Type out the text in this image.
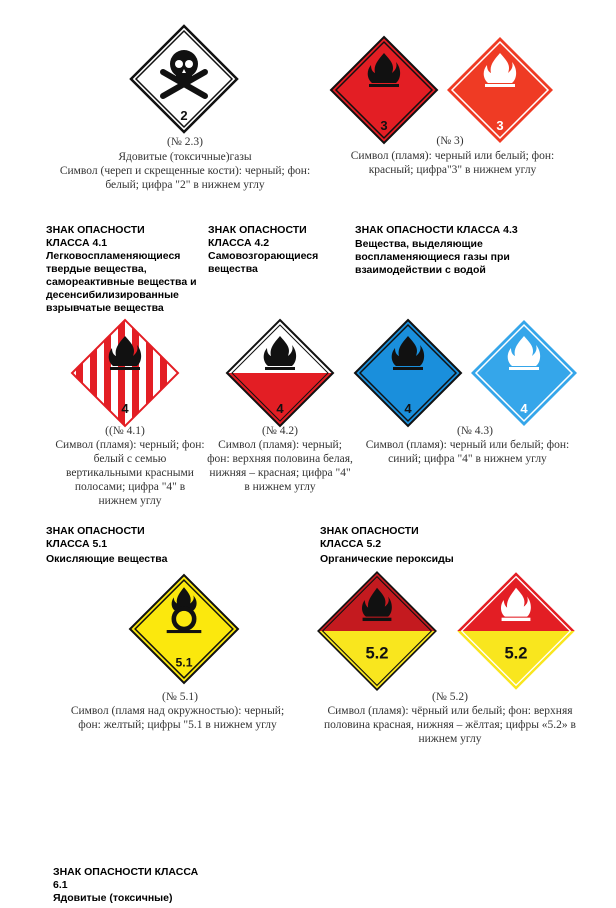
2
(№ 2.3)
Ядовитые (токсичные)газы
Символ (череп и скрещенные кости): черный; фон: белый; цифра "2" в нижнем углу
3	3
(№ 3)
Символ (пламя): черный или белый; фон: красный; цифра"3" в нижнем углу
ЗНАК ОПАСНОСТИ
КЛАССА 4.1
Легковоспламеняющиеся твердые вещества, самореактивные вещества и десенсибилизированные взрывчатые вещества
ЗНАК ОПАСНОСТИ
КЛАССА 4.2
Самовозгорающиеся вещества
ЗНАК ОПАСНОСТИ КЛАССА 4.3
Вещества, выделяющие воспламеняющиеся газы при взаимодействии с водой
4	4	4	4
((№ 4.1)
Символ (пламя): черный; фон: белый с семью вертикальными красными полосами; цифра "4" в нижнем углу
(№ 4.2)
Символ (пламя): черный; фон: верхняя половина белая, нижняя – красная; цифра "4" в нижнем углу
(№ 4.3)
Символ (пламя): черный или белый; фон: синий; цифра "4" в нижнем углу
ЗНАК ОПАСНОСТИ
КЛАССА 5.1
Окисляющие вещества
ЗНАК ОПАСНОСТИ
КЛАССА 5.2
Органические пероксиды
5.1	5.2	5.2
(№ 5.1)
Символ (пламя над окружностью): черный; фон: желтый; цифры "5.1 в нижнем углу
(№ 5.2)
Символ (пламя): чёрный или белый; фон: верхняя половина красная, нижняя – жёлтая; цифры «5.2» в нижнем углу
ЗНАК ОПАСНОСТИ КЛАССА
6.1
Ядовитые (токсичные)
